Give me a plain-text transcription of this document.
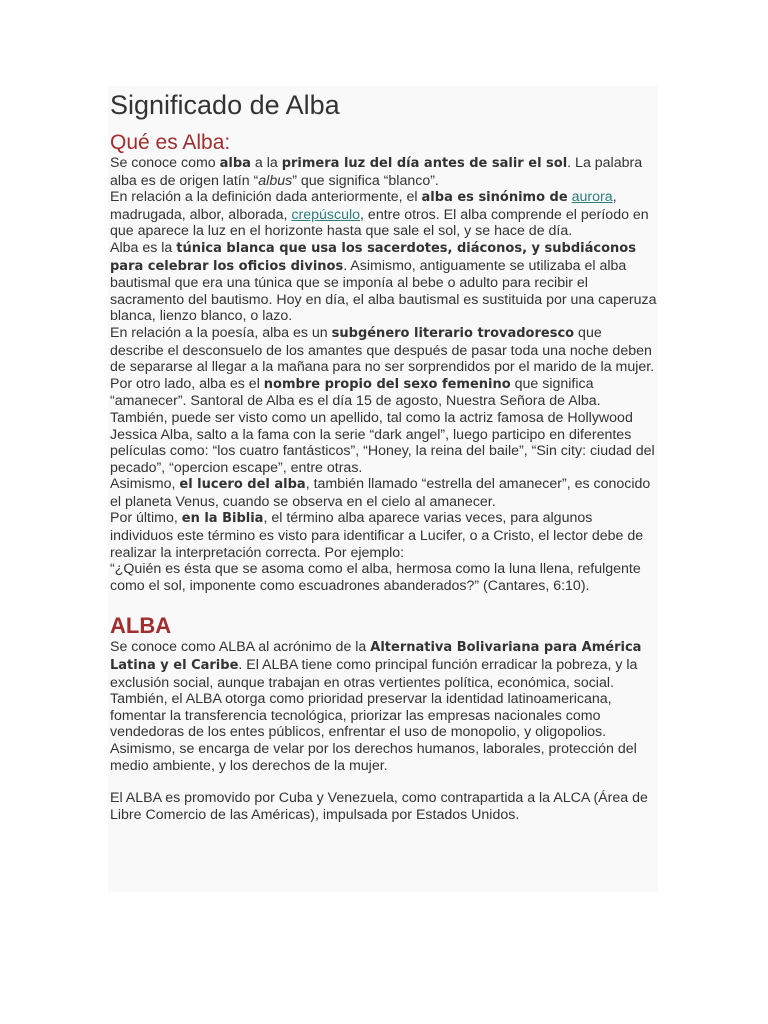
Significado de Alba
Qué es Alba:

Se conoce como alba a la primera luz del día antes de salir el sol. La palabra alba es de origen latín “albus” que significa “blanco”.

En relación a la definición dada anteriormente, el alba es sinónimo de aurora, madrugada, albor, alborada, crepúsculo, entre otros. El alba comprende el período en que aparece la luz en el horizonte hasta que sale el sol, y se hace de día.

Alba es la túnica blanca que usa los sacerdotes, diáconos, y subdiáconos para celebrar los oficios divinos. Asimismo, antiguamente se utilizaba el alba bautismal que era una túnica que se imponía al bebe o adulto para recibir el sacramento del bautismo. Hoy en día, el alba bautismal es sustituida por una caperuza blanca, lienzo blanco, o lazo.

En relación a la poesía, alba es un subgénero literario trovadoresco que describe el desconsuelo de los amantes que después de pasar toda una noche deben de separarse al llegar a la mañana para no ser sorprendidos por el marido de la mujer.

Por otro lado, alba es el nombre propio del sexo femenino que significa “amanecer”. Santoral de Alba es el día 15 de agosto, Nuestra Señora de Alba. También, puede ser visto como un apellido, tal como la actriz famosa de Hollywood Jessica Alba, salto a la fama con la serie “dark angel”, luego participo en diferentes películas como: “los cuatro fantásticos”, “Honey, la reina del baile”, “Sin city: ciudad del pecado”, “opercion escape”, entre otras.

Asimismo, el lucero del alba, también llamado “estrella del amanecer”, es conocido el planeta Venus, cuando se observa en el cielo al amanecer.

Por último, en la Biblia, el término alba aparece varias veces, para algunos individuos este término es visto para identificar a Lucifer, o a Cristo, el lector debe de realizar la interpretación correcta. Por ejemplo:

“¿Quién es ésta que se asoma como el alba, hermosa como la luna llena, refulgente como el sol, imponente como escuadrones abanderados?” (Cantares, 6:10).

ALBA

Se conoce como ALBA al acrónimo de la Alternativa Bolivariana para América Latina y el Caribe. El ALBA tiene como principal función erradicar la pobreza, y la exclusión social, aunque trabajan en otras vertientes política, económica, social.

También, el ALBA otorga como prioridad preservar la identidad latinoamericana, fomentar la transferencia tecnológica, priorizar las empresas nacionales como vendedoras de los entes públicos, enfrentar el uso de monopolio, y oligopolios. Asimismo, se encarga de velar por los derechos humanos, laborales, protección del medio ambiente, y los derechos de la mujer.

El ALBA es promovido por Cuba y Venezuela, como contrapartida a la ALCA (Área de Libre Comercio de las Américas), impulsada por Estados Unidos.
